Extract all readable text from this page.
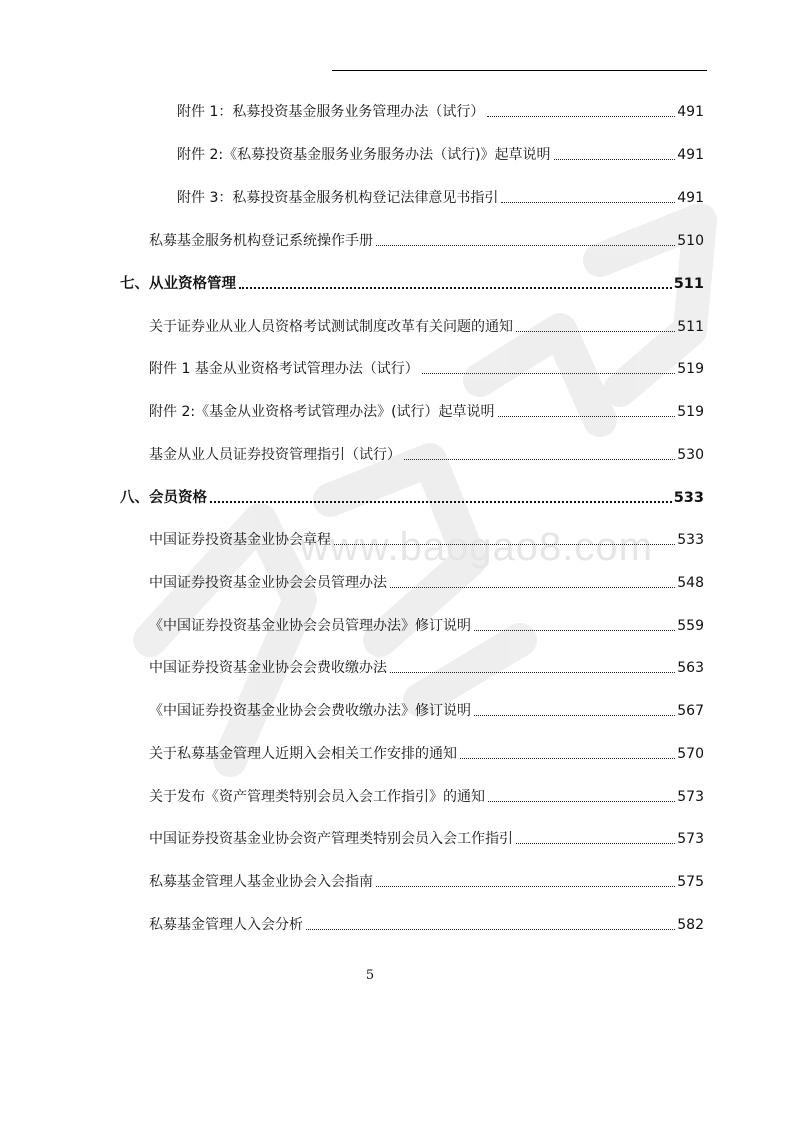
www.baogao8.com
附件 1：私募投资基金服务业务管理办法（试行）	491
附件 2:《私募投资基金服务业务服务办法（试行)》起草说明	491
附件 3：私募投资基金服务机构登记法律意见书指引	491
私募基金服务机构登记系统操作手册	510
七、从业资格管理	511
关于证券业从业人员资格考试测试制度改革有关问题的通知	511
附件 1 基金从业资格考试管理办法（试行）	519
附件 2:《基金从业资格考试管理办法》(试行）起草说明	519
基金从业人员证券投资管理指引（试行）	530
八、会员资格	533
中国证券投资基金业协会章程	533
中国证券投资基金业协会会员管理办法	548
《中国证券投资基金业协会会员管理办法》修订说明	559
中国证券投资基金业协会会费收缴办法	563
《中国证券投资基金业协会会费收缴办法》修订说明	567
关于私募基金管理人近期入会相关工作安排的通知	570
关于发布《资产管理类特别会员入会工作指引》的通知	573
中国证券投资基金业协会资产管理类特别会员入会工作指引	573
私募基金管理人基金业协会入会指南	575
私募基金管理人入会分析	582
5
